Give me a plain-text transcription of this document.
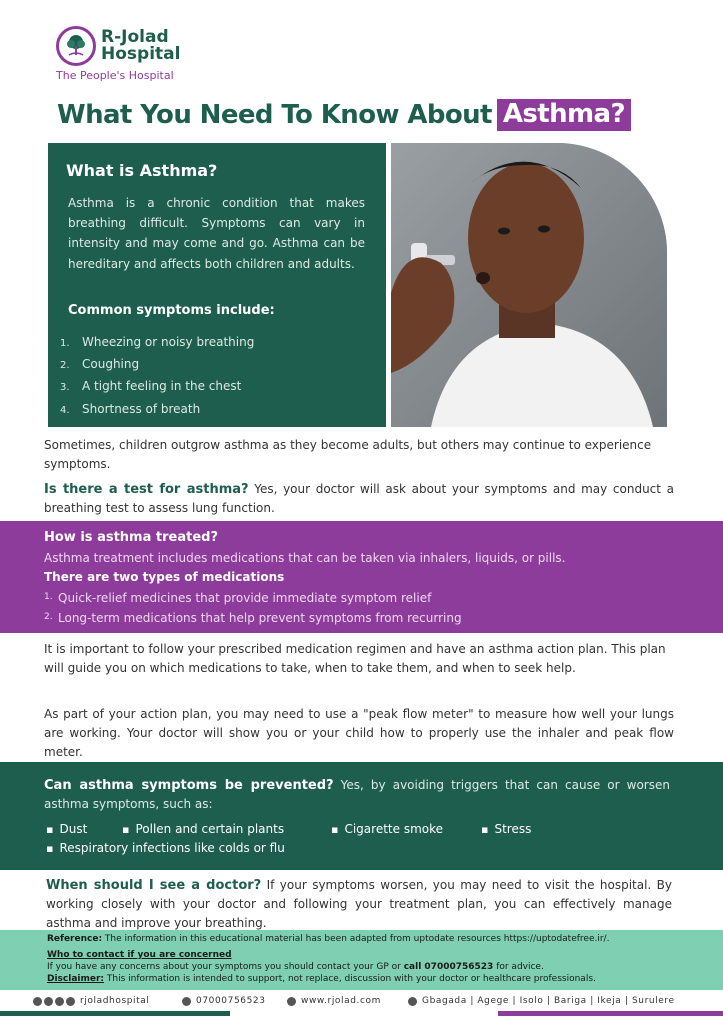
R-Jolad
Hospital
The People's Hospital
What You Need To Know About Asthma?
What is Asthma?
Asthma is a chronic condition that makes breathing difficult. Symptoms can vary in intensity and may come and go. Asthma can be hereditary and affects both children and adults.
Common symptoms include:
1. Wheezing or noisy breathing
2. Coughing
3. A tight feeling in the chest
4. Shortness of breath
Sometimes, children outgrow asthma as they become adults, but others may continue to experience symptoms.
Is there a test for asthma? Yes, your doctor will ask about your symptoms and may conduct a breathing test to assess lung function.
How is asthma treated?
Asthma treatment includes medications that can be taken via inhalers, liquids, or pills.
There are two types of medications
1. Quick-relief medicines that provide immediate symptom relief
2. Long-term medications that help prevent symptoms from recurring
It is important to follow your prescribed medication regimen and have an asthma action plan. This plan will guide you on which medications to take, when to take them, and when to seek help.
As part of your action plan, you may need to use a "peak flow meter" to measure how well your lungs are working. Your doctor will show you or your child how to properly use the inhaler and peak flow meter.
Can asthma symptoms be prevented? Yes, by avoiding triggers that can cause or worsen asthma symptoms, such as:
▪ Dust	▪ Pollen and certain plants	▪ Cigarette smoke	▪ Stress
▪ Respiratory infections like colds or flu
When should I see a doctor? If your symptoms worsen, you may need to visit the hospital. By working closely with your doctor and following your treatment plan, you can effectively manage asthma and improve your breathing.
Reference: The information in this educational material has been adapted from uptodate resources https://uptodatefree.ir/.
Who to contact if you are concerned
If you have any concerns about your symptoms you should contact your GP or call 07000756523 for advice.
Disclaimer: This information is intended to support, not replace, discussion with your doctor or healthcare professionals.
rjoladhospital	07000756523	www.rjolad.com	Gbagada | Agege | Isolo | Bariga | Ikeja | Surulere
